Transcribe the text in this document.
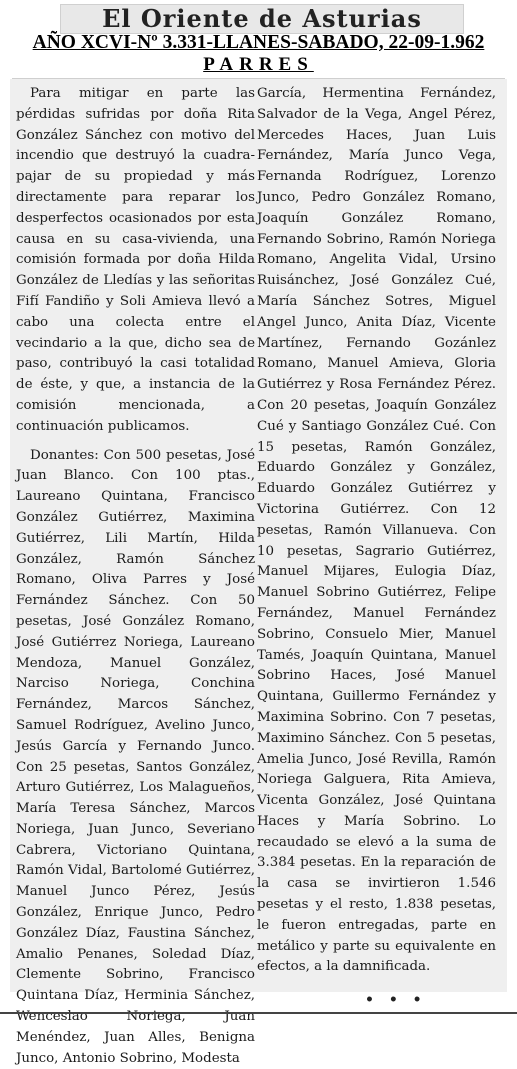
El Oriente de Asturias
AÑO XCVI-Nº 3.331-LLANES-SABADO, 22-09-1.962
PARRES

Para mitigar en parte las pérdidas sufridas por doña Rita González Sánchez con motivo del incendio que destruyó la cuadra-pajar de su propiedad y más directamente para reparar los desperfectos ocasionados por esta causa en su casa-vivienda, una comisión formada por doña Hilda González de Lledías y las señoritas Fifí Fandiño y Soli Amieva llevó a cabo una colecta entre el vecindario a la que, dicho sea de paso, contribuyó la casi totalidad de éste, y que, a instancia de la comisión mencionada, a continuación publicamos.

Donantes: Con 500 pesetas, José Juan Blanco. Con 100 ptas., Laureano Quintana, Francisco González Gutiérrez, Maximina Gutiérrez, Lili Martín, Hilda González, Ramón Sánchez Romano, Oliva Parres y José Fernández Sánchez. Con 50 pesetas, José González Romano, José Gutiérrez Noriega, Laureano Mendoza, Manuel González, Narciso Noriega, Conchina Fernández, Marcos Sánchez, Samuel Rodríguez, Avelino Junco, Jesús García y Fernando Junco. Con 25 pesetas, Santos González, Arturo Gutiérrez, Los Malagueños, María Teresa Sánchez, Marcos Noriega, Juan Junco, Severiano Cabrera, Victoriano Quintana, Ramón Vidal, Bartolomé Gutiérrez, Manuel Junco Pérez, Jesús González, Enrique Junco, Pedro González Díaz, Faustina Sánchez, Amalio Penanes, Soledad Díaz, Clemente Sobrino, Francisco Quintana Díaz, Herminia Sánchez, Wenceslao Noriega, Juan Menéndez, Juan Alles, Benigna Junco, Antonio Sobrino, Modesta

García, Hermentina Fernández, Salvador de la Vega, Angel Pérez, Mercedes Haces, Juan Luis Fernández, María Junco Vega, Fernanda Rodríguez, Lorenzo Junco, Pedro González Romano, Joaquín González Romano, Fernando Sobrino, Ramón Noriega Romano, Angelita Vidal, Ursino Ruisánchez, José González Cué, María Sánchez Sotres, Miguel Angel Junco, Anita Díaz, Vicente Martínez, Fernando Gozánlez Romano, Manuel Amieva, Gloria Gutiérrez y Rosa Fernández Pérez. Con 20 pesetas, Joaquín González Cué y Santiago González Cué. Con 15 pesetas, Ramón González, Eduardo González y González, Eduardo González Gutiérrez y Victorina Gutiérrez. Con 12 pesetas, Ramón Villanueva. Con 10 pesetas, Sagrario Gutiérrez, Manuel Mijares, Eulogia Díaz, Manuel Sobrino Gutiérrez, Felipe Fernández, Manuel Fernández Sobrino, Consuelo Mier, Manuel Tamés, Joaquín Quintana, Manuel Sobrino Haces, José Manuel Quintana, Guillermo Fernández y Maximina Sobrino. Con 7 pesetas, Maximino Sánchez. Con 5 pesetas, Amelia Junco, José Revilla, Ramón Noriega Galguera, Rita Amieva, Vicenta González, José Quintana Haces y María Sobrino. Lo recaudado se elevó a la suma de 3.384 pesetas. En la reparación de la casa se invirtieron 1.546 pesetas y el resto, 1.838 pesetas, le fueron entregadas, parte en metálico y parte su equivalente en efectos, a la damnificada.

• • •
